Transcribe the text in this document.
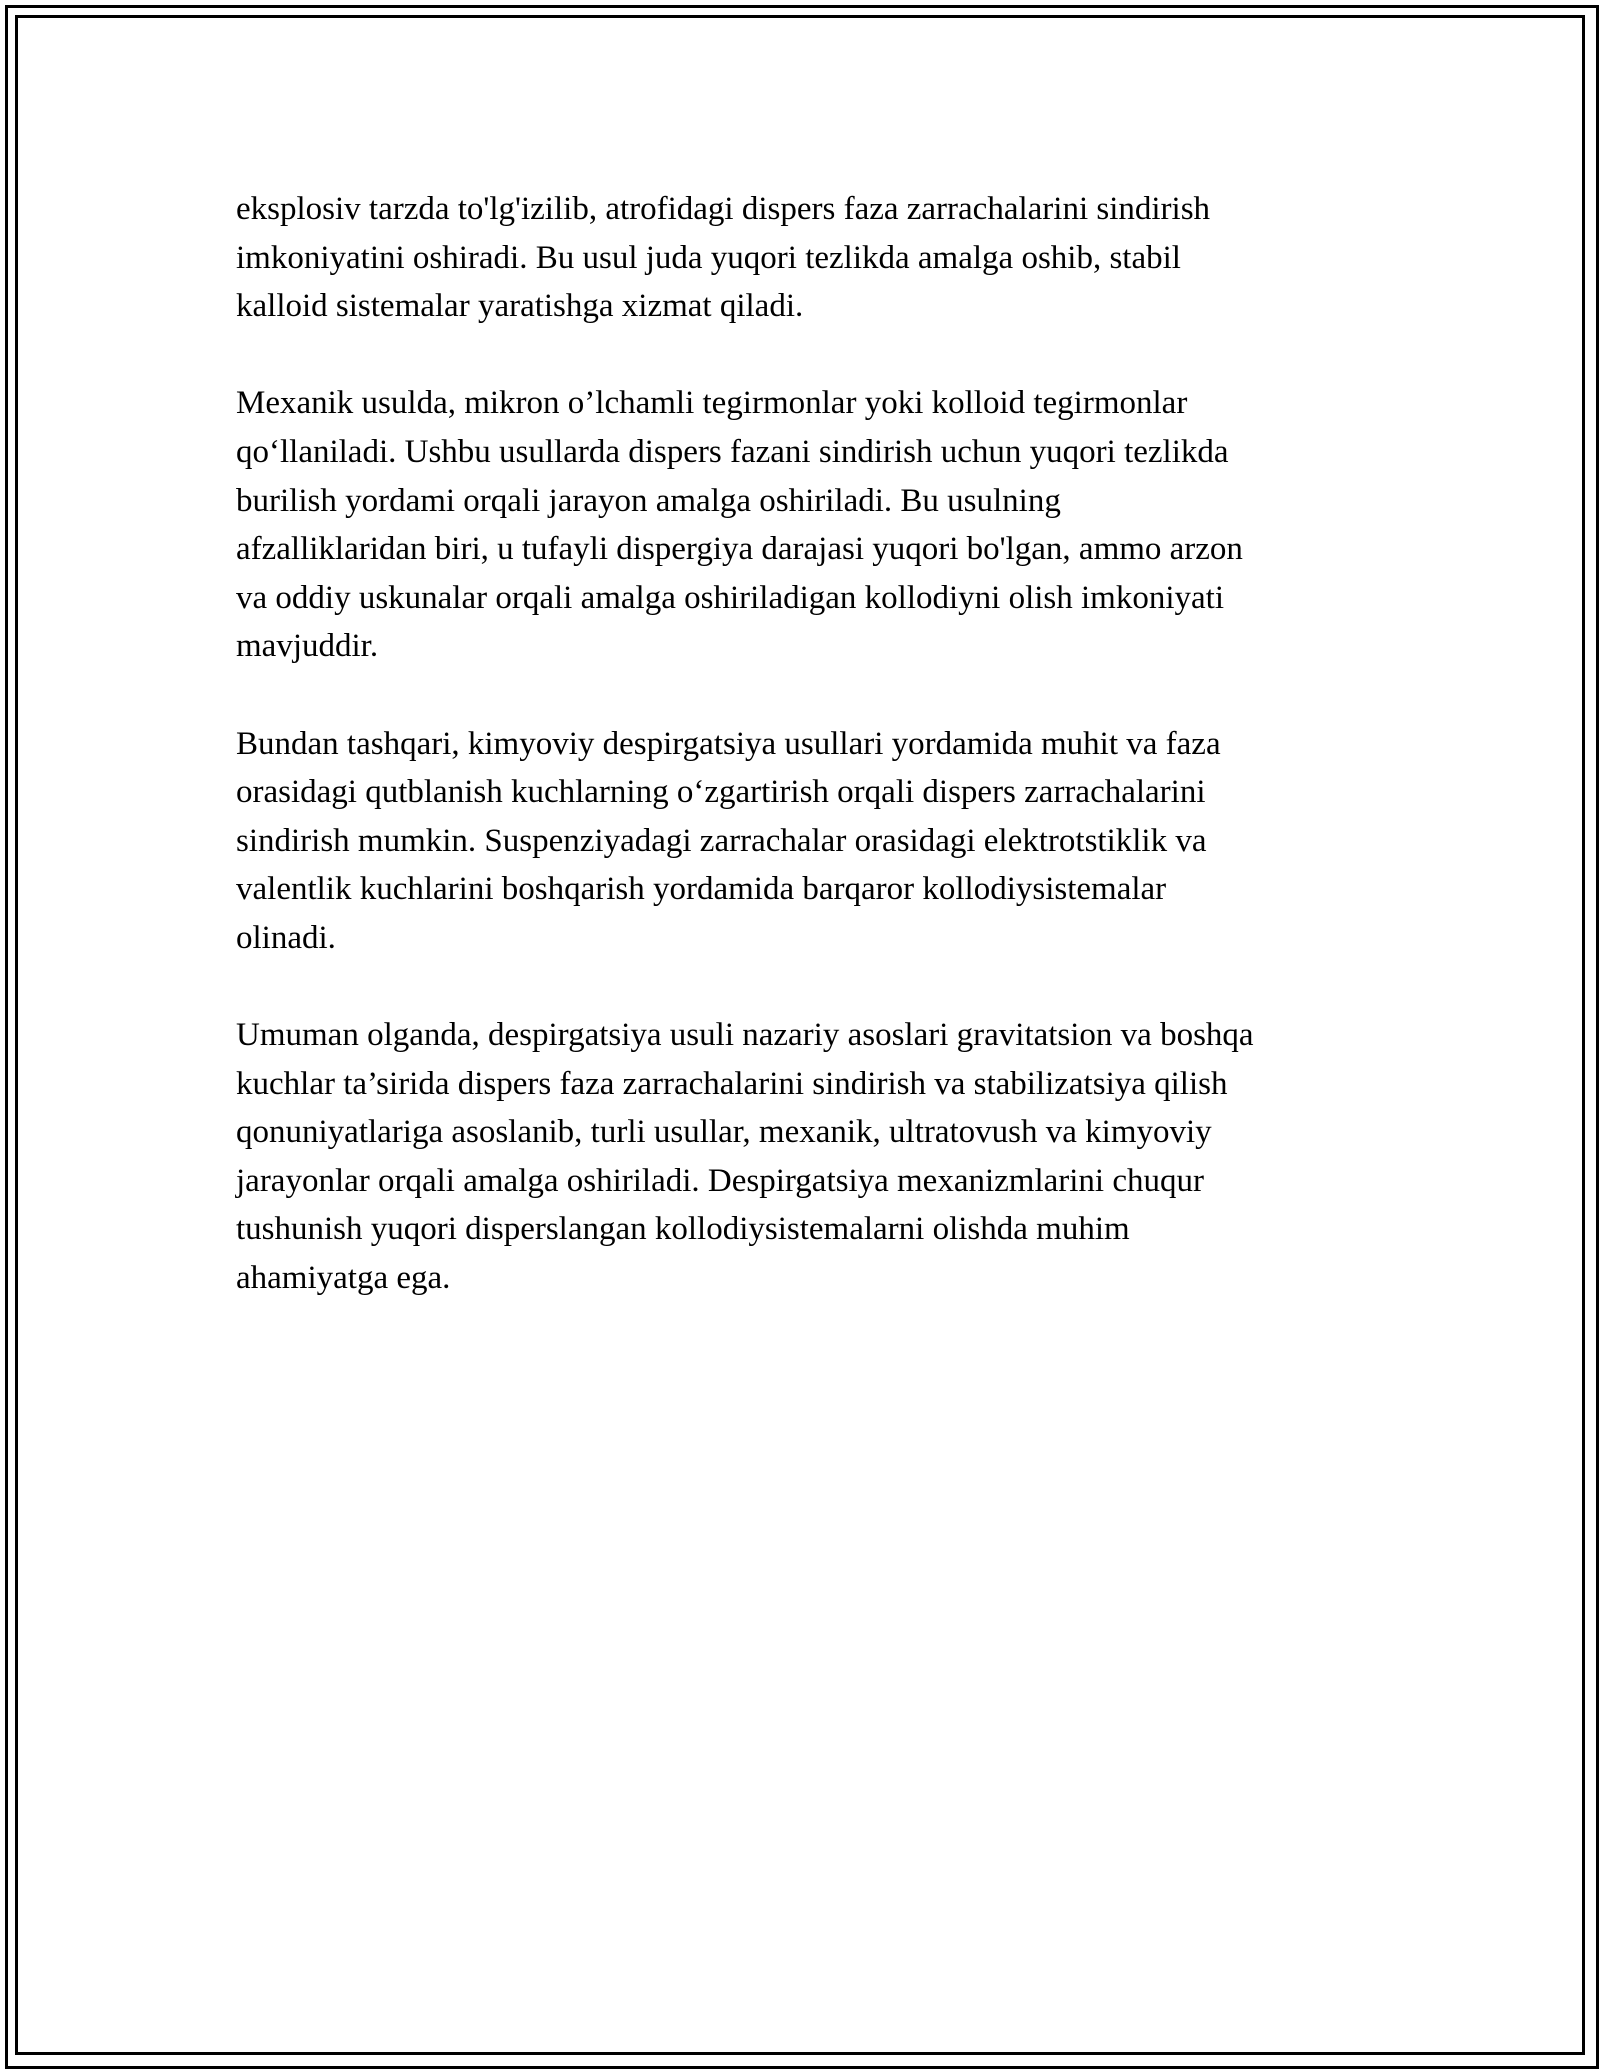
eksplosiv tarzda to'lg'izilib, atrofidagi dispers faza zarrachalarini sindirish
imkoniyatini oshiradi. Bu usul juda yuqori tezlikda amalga oshib, stabil
kalloid sistemalar yaratishga xizmat qiladi.

Mexanik usulda, mikron o’lchamli tegirmonlar yoki kolloid tegirmonlar
qo‘llaniladi. Ushbu usullarda dispers fazani sindirish uchun yuqori tezlikda
burilish yordami orqali jarayon amalga oshiriladi. Bu usulning
afzalliklaridan biri, u tufayli dispergiya darajasi yuqori bo'lgan, ammo arzon
va oddiy uskunalar orqali amalga oshiriladigan kollodiyni olish imkoniyati
mavjuddir.

Bundan tashqari, kimyoviy despirgatsiya usullari yordamida muhit va faza
orasidagi qutblanish kuchlarning o‘zgartirish orqali dispers zarrachalarini
sindirish mumkin. Suspenziyadagi zarrachalar orasidagi elektrotstiklik va
valentlik kuchlarini boshqarish yordamida barqaror kollodiysistemalar
olinadi.

Umuman olganda, despirgatsiya usuli nazariy asoslari gravitatsion va boshqa
kuchlar ta’sirida dispers faza zarrachalarini sindirish va stabilizatsiya qilish
qonuniyatlariga asoslanib, turli usullar, mexanik, ultratovush va kimyoviy
jarayonlar orqali amalga oshiriladi. Despirgatsiya mexanizmlarini chuqur
tushunish yuqori disperslangan kollodiysistemalarni olishda muhim
ahamiyatga ega.
